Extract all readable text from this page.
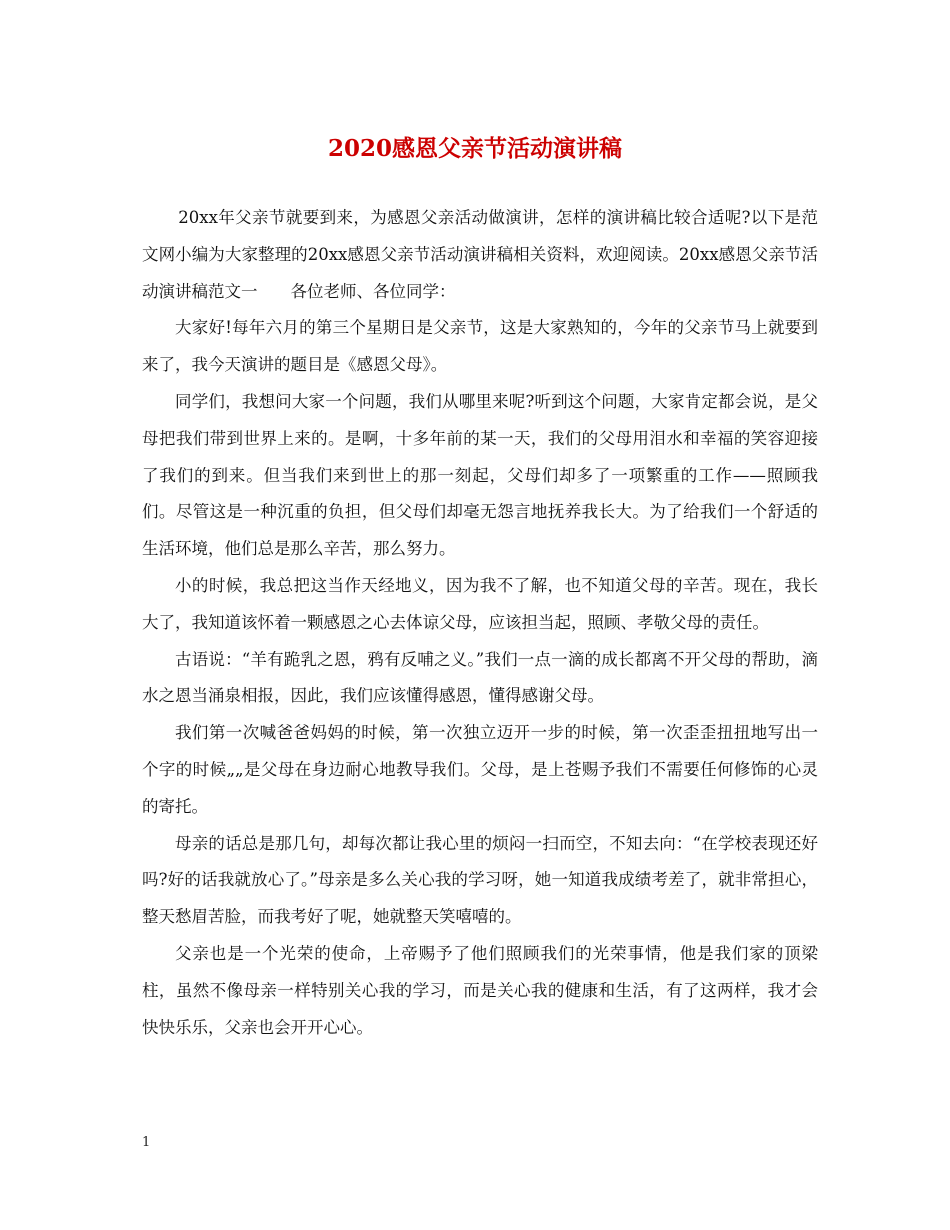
2020感恩父亲节活动演讲稿

20xx年父亲节就要到来，为感恩父亲活动做演讲，怎样的演讲稿比较合适呢?以下是范文网小编为大家整理的20xx感恩父亲节活动演讲稿相关资料，欢迎阅读。20xx感恩父亲节活动演讲稿范文一　　各位老师、各位同学：

大家好!每年六月的第三个星期日是父亲节，这是大家熟知的，今年的父亲节马上就要到来了，我今天演讲的题目是《感恩父母》。

同学们，我想问大家一个问题，我们从哪里来呢?听到这个问题，大家肯定都会说，是父母把我们带到世界上来的。是啊，十多年前的某一天，我们的父母用泪水和幸福的笑容迎接了我们的到来。但当我们来到世上的那一刻起，父母们却多了一项繁重的工作——照顾我们。尽管这是一种沉重的负担，但父母们却毫无怨言地抚养我长大。为了给我们一个舒适的生活环境，他们总是那么辛苦，那么努力。

小的时候，我总把这当作天经地义，因为我不了解，也不知道父母的辛苦。现在，我长大了，我知道该怀着一颗感恩之心去体谅父母，应该担当起，照顾、孝敬父母的责任。

古语说：“羊有跪乳之恩，鸦有反哺之义。”我们一点一滴的成长都离不开父母的帮助，滴水之恩当涌泉相报，因此，我们应该懂得感恩，懂得感谢父母。

我们第一次喊爸爸妈妈的时候，第一次独立迈开一步的时候，第一次歪歪扭扭地写出一个字的时候„„是父母在身边耐心地教导我们。父母，是上苍赐予我们不需要任何修饰的心灵的寄托。

母亲的话总是那几句，却每次都让我心里的烦闷一扫而空，不知去向：“在学校表现还好吗?好的话我就放心了。”母亲是多么关心我的学习呀，她一知道我成绩考差了，就非常担心，整天愁眉苦脸，而我考好了呢，她就整天笑嘻嘻的。

父亲也是一个光荣的使命，上帝赐予了他们照顾我们的光荣事情，他是我们家的顶梁柱，虽然不像母亲一样特别关心我的学习，而是关心我的健康和生活，有了这两样，我才会快快乐乐，父亲也会开开心心。

1
